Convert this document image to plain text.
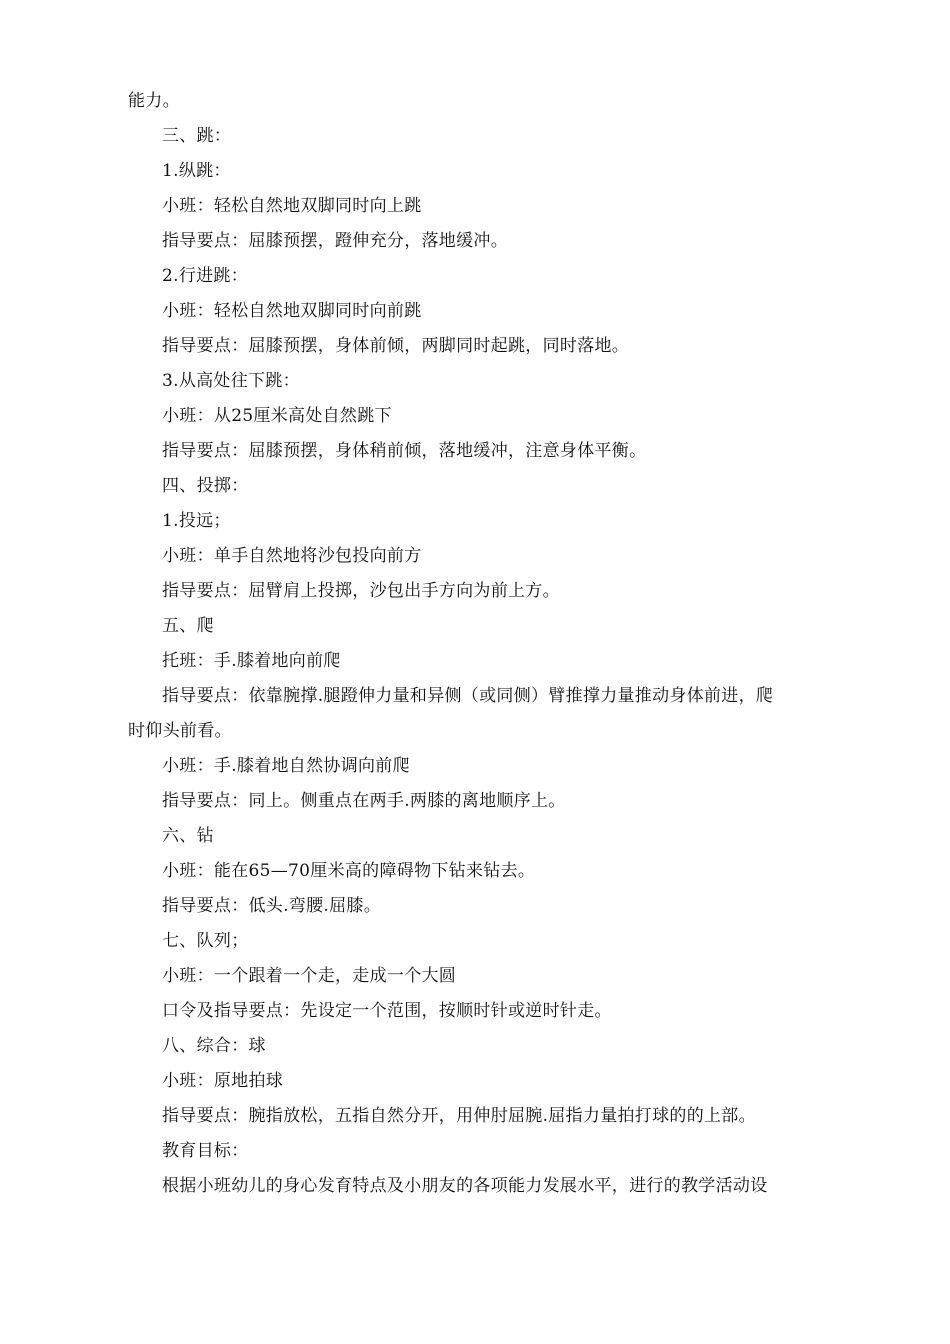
能力。
三、跳：
1.纵跳：
小班：轻松自然地双脚同时向上跳
指导要点：屈膝预摆，蹬伸充分，落地缓冲。
2.行进跳：
小班：轻松自然地双脚同时向前跳
指导要点：屈膝预摆，身体前倾，两脚同时起跳，同时落地。
3.从高处往下跳：
小班：从25厘米高处自然跳下
指导要点：屈膝预摆，身体稍前倾，落地缓冲，注意身体平衡。
四、投掷：
1.投远；
小班：单手自然地将沙包投向前方
指导要点：屈臂肩上投掷，沙包出手方向为前上方。
五、爬
托班：手.膝着地向前爬
指导要点：依靠腕撑.腿蹬伸力量和异侧（或同侧）臂推撑力量推动身体前进，爬
时仰头前看。
小班：手.膝着地自然协调向前爬
指导要点：同上。侧重点在两手.两膝的离地顺序上。
六、钻
小班：能在65—70厘米高的障碍物下钻来钻去。
指导要点：低头.弯腰.屈膝。
七、队列；
小班：一个跟着一个走，走成一个大圆
口令及指导要点：先设定一个范围，按顺时针或逆时针走。
八、综合：球
小班：原地拍球
指导要点：腕指放松，五指自然分开，用伸肘屈腕.屈指力量拍打球的的上部。
教育目标：
根据小班幼儿的身心发育特点及小朋友的各项能力发展水平，进行的教学活动设
